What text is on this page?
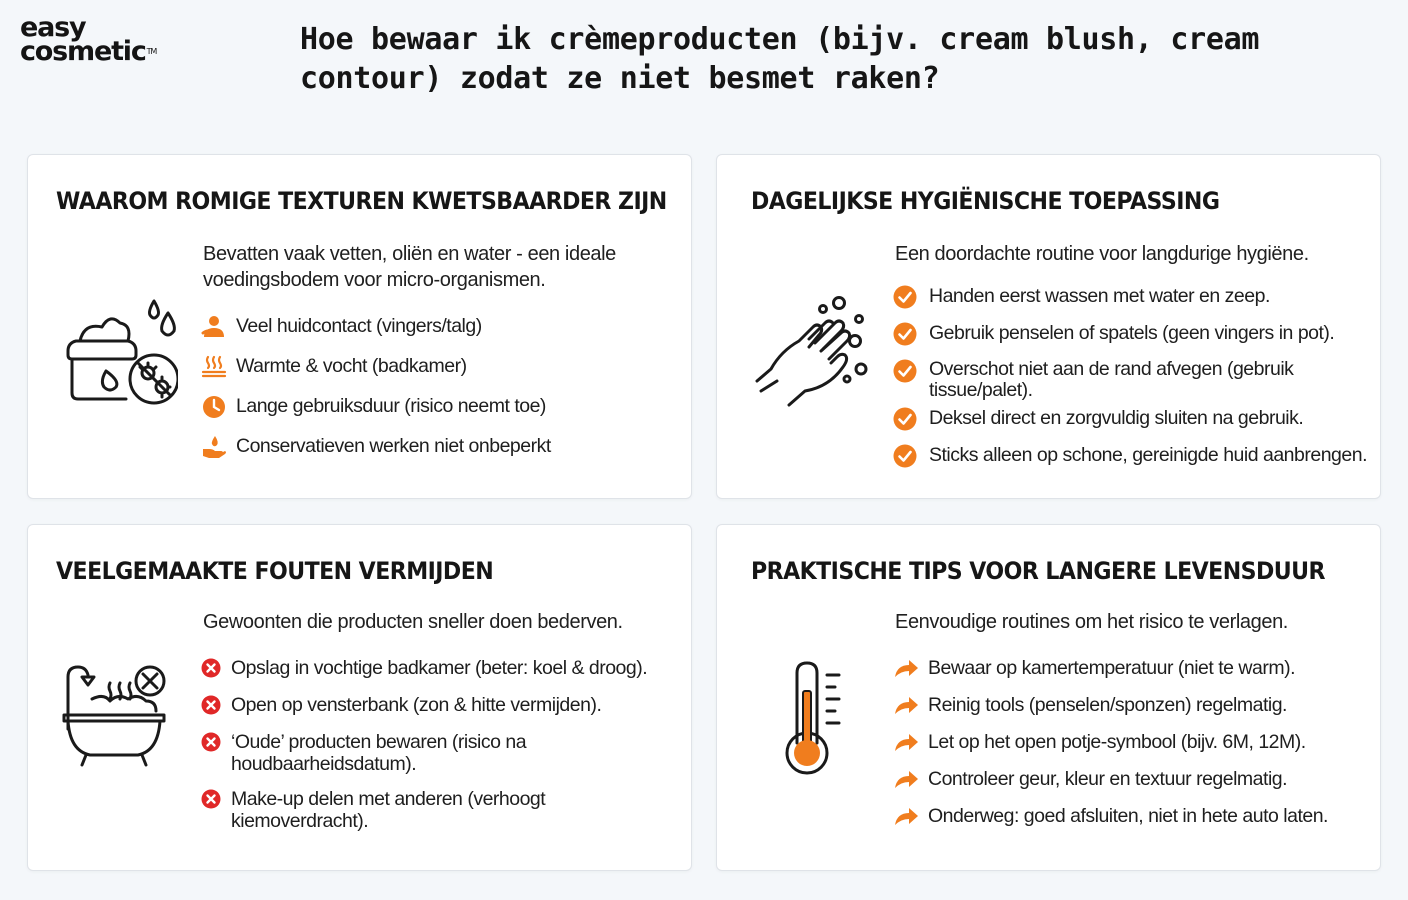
easy
cosmetic™	Hoe bewaar ik crèmeproducten (bijv. cream blush, cream contour) zodat ze niet besmet raken?
WAAROM ROMIGE TEXTUREN KWETSBAARDER ZIJN

Bevatten vaak vetten, oliën en water - een ideale voedingsbodem voor micro-organismen.

Veel huidcontact (vingers/talg)
Warmte & vocht (badkamer)
Lange gebruiksduur (risico neemt toe)
Conservatieven werken niet onbeperkt
DAGELIJKSE HYGIËNISCHE TOEPASSING

Een doordachte routine voor langdurige hygiëne.

Handen eerst wassen met water en zeep.
Gebruik penselen of spatels (geen vingers in pot).
Overschot niet aan de rand afvegen (gebruik tissue/palet).
Deksel direct en zorgvuldig sluiten na gebruik.
Sticks alleen op schone, gereinigde huid aanbrengen.
VEELGEMAAKTE FOUTEN VERMIJDEN

Gewoonten die producten sneller doen bederven.

Opslag in vochtige badkamer (beter: koel & droog).
Open op vensterbank (zon & hitte vermijden).
‘Oude’ producten bewaren (risico na houdbaarheidsdatum).
Make-up delen met anderen (verhoogt kiemoverdracht).
PRAKTISCHE TIPS VOOR LANGERE LEVENSDUUR

Eenvoudige routines om het risico te verlagen.

Bewaar op kamertemperatuur (niet te warm).
Reinig tools (penselen/sponzen) regelmatig.
Let op het open potje-symbool (bijv. 6M, 12M).
Controleer geur, kleur en textuur regelmatig.
Onderweg: goed afsluiten, niet in hete auto laten.
